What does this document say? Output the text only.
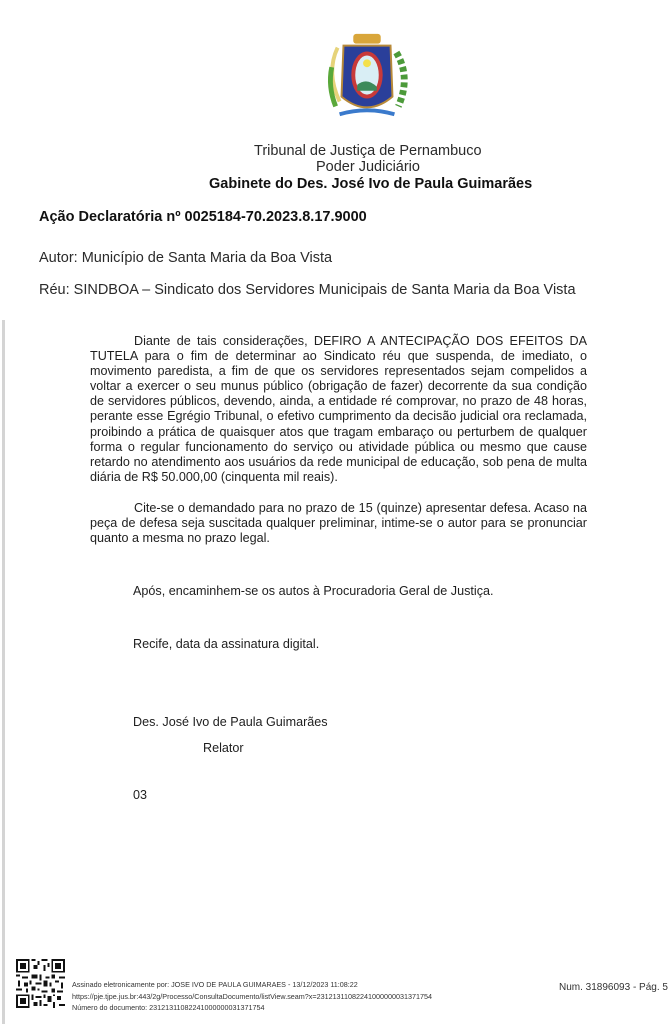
Tribunal de Justiça de Pernambuco
Poder Judiciário
Gabinete do Des. José Ivo de Paula Guimarães
Ação Declaratória nº 0025184-70.2023.8.17.9000
Autor: Município de Santa Maria da Boa Vista
Réu: SINDBOA – Sindicato dos Servidores Municipais de Santa Maria da Boa Vista
Diante de tais considerações, DEFIRO A ANTECIPAÇÃO DOS EFEITOS DA TUTELA para o fim de determinar ao Sindicato réu que suspenda, de imediato, o movimento paredista, a fim de que os servidores representados sejam compelidos a voltar a exercer o seu munus público (obrigação de fazer) decorrente da sua condição de servidores públicos, devendo, ainda, a entidade ré comprovar, no prazo de 48 horas, perante esse Egrégio Tribunal, o efetivo cumprimento da decisão judicial ora reclamada, proibindo a prática de quaisquer atos que tragam embaraço ou perturbem de qualquer forma o regular funcionamento do serviço ou atividade pública ou mesmo que cause retardo no atendimento aos usuários da rede municipal de educação, sob pena de multa diária de R$ 50.000,00 (cinquenta mil reais).
Cite-se o demandado para no prazo de 15 (quinze) apresentar defesa. Acaso na peça de defesa seja suscitada qualquer preliminar, intime-se o autor para se pronunciar quanto a mesma no prazo legal.
Após, encaminhem-se os autos à Procuradoria Geral de Justiça.
Recife, data da assinatura digital.
Des. José Ivo de Paula Guimarães
Relator
03
Assinado eletronicamente por: JOSE IVO DE PAULA GUIMARAES - 13/12/2023 11:08:22
https://pje.tjpe.jus.br:443/2g/Processo/ConsultaDocumento/listView.seam?x=23121311082241000000031371754
Número do documento: 23121311082241000000031371754
Num. 31896093 - Pág. 5
